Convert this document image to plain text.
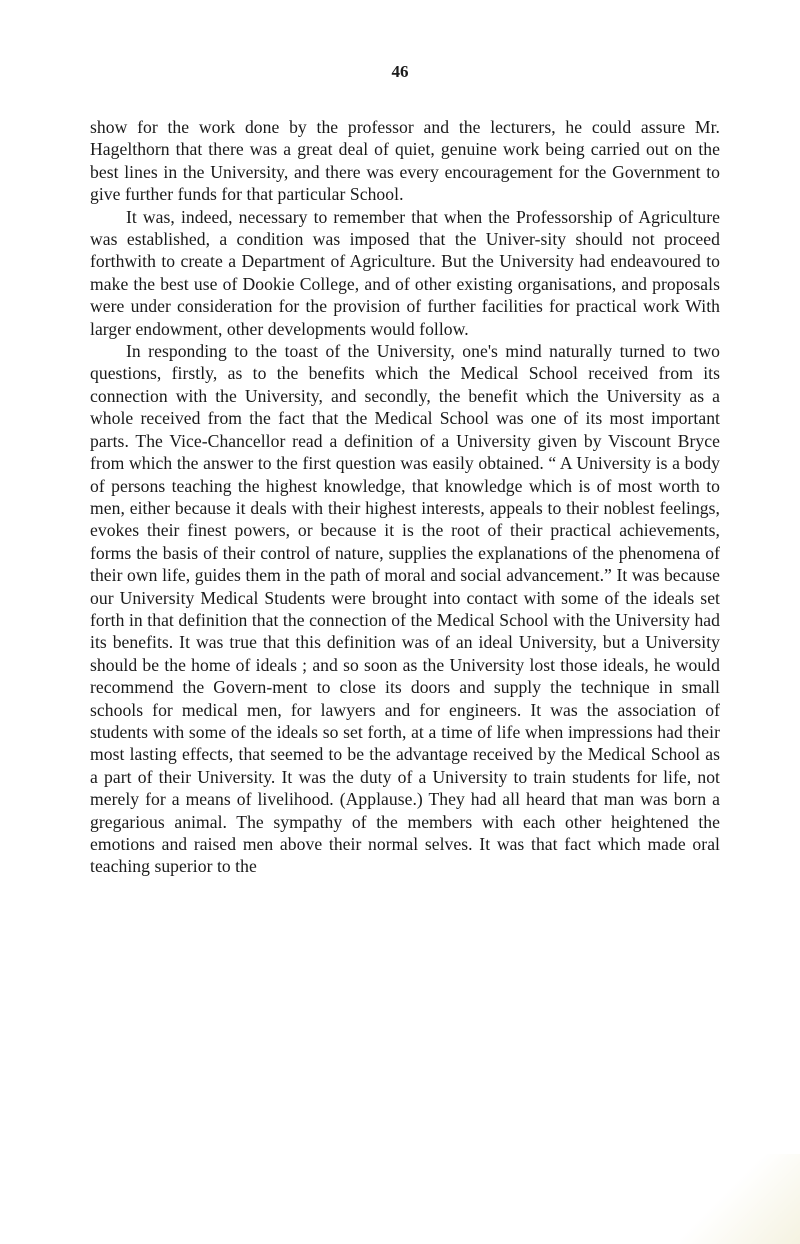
46

show for the work done by the professor and the lecturers, he could assure Mr. Hagelthorn that there was a great deal of quiet, genuine work being carried out on the best lines in the University, and there was every encouragement for the Government to give further funds for that particular School.

It was, indeed, necessary to remember that when the Professorship of Agriculture was established, a condition was imposed that the Univer-sity should not proceed forthwith to create a Department of Agriculture. But the University had endeavoured to make the best use of Dookie College, and of other existing organisations, and proposals were under consideration for the provision of further facilities for practical work With larger endowment, other developments would follow.

In responding to the toast of the University, one's mind naturally turned to two questions, firstly, as to the benefits which the Medical School received from its connection with the University, and secondly, the benefit which the University as a whole received from the fact that the Medical School was one of its most important parts. The Vice-Chancellor read a definition of a University given by Viscount Bryce from which the answer to the first question was easily obtained. “ A University is a body of persons teaching the highest knowledge, that knowledge which is of most worth to men, either because it deals with their highest interests, appeals to their noblest feelings, evokes their finest powers, or because it is the root of their practical achievements, forms the basis of their control of nature, supplies the explanations of the phenomena of their own life, guides them in the path of moral and social advancement.” It was because our University Medical Students were brought into contact with some of the ideals set forth in that definition that the connection of the Medical School with the University had its benefits. It was true that this definition was of an ideal University, but a University should be the home of ideals ; and so soon as the University lost those ideals, he would recommend the Govern-ment to close its doors and supply the technique in small schools for medical men, for lawyers and for engineers. It was the association of students with some of the ideals so set forth, at a time of life when impressions had their most lasting effects, that seemed to be the advantage received by the Medical School as a part of their University. It was the duty of a University to train students for life, not merely for a means of livelihood. (Applause.) They had all heard that man was born a gregarious animal. The sympathy of the members with each other heightened the emotions and raised men above their normal selves. It was that fact which made oral teaching superior to the
